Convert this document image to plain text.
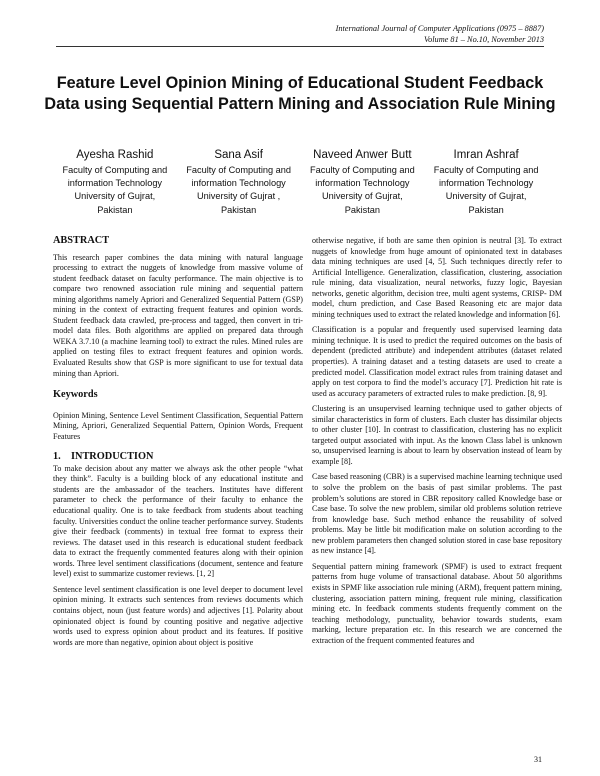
International Journal of Computer Applications (0975 – 8887)
Volume 81 – No.10, November 2013
Feature Level Opinion Mining of Educational Student Feedback Data using Sequential Pattern Mining and Association Rule Mining
Ayesha Rashid
Faculty of Computing and information Technology
University of Gujrat,
Pakistan
Sana Asif
Faculty of Computing and information Technology
University of Gujrat ,
Pakistan
Naveed Anwer Butt
Faculty of Computing and information Technology
University of Gujrat,
Pakistan
Imran Ashraf
Faculty of Computing and information Technology
University of Gujrat,
Pakistan
ABSTRACT

This research paper combines the data mining with natural language processing to extract the nuggets of knowledge from massive volume of student feedback dataset on faculty performance. The main objective is to compare two renowned association rule mining and sequential pattern mining algorithms namely Apriori and Generalized Sequential Pattern (GSP) mining in the context of extracting frequent features and opinion words. Student feedback data crawled, pre-process and tagged, then convert in tri-model data files. Both algorithms are applied on prepared data through WEKA 3.7.10 (a machine learning tool) to extract the rules. Mined rules are applied on testing files to extract frequent features and opinion words. Evaluated Results show that GSP is more significant to use for textual data mining than Apriori.

Keywords

Opinion Mining, Sentence Level Sentiment Classification, Sequential Pattern Mining, Apriori, Generalized Sequential Pattern, Opinion Words, Frequent Features

1. INTRODUCTION

To make decision about any matter we always ask the other people “what they think”. Faculty is a building block of any educational institute and students are the ambassador of the teachers. Institutes have different parameter to check the performance of their faculty to enhance the educational quality. One is to take feedback from students about teaching faculty. Universities conduct the online teacher performance survey. Students give their feedback (comments) in textual free format to express their reviews. The dataset used in this research is educational student feedback data to extract the frequently commented features along with their opinion words. Three level sentiment classifications (document, sentence and feature level) exist to summarize customer reviews. [1, 2]

Sentence level sentiment classification is one level deeper to document level opinion mining. It extracts such sentences from reviews documents which contains object, noun (just feature words) and adjectives [1]. Polarity about opinionated object is found by counting positive and negative adjective words used to express opinion about product and its features. If positive words are more than negative, opinion about object is positive

otherwise negative, if both are same then opinion is neutral [3]. To extract nuggets of knowledge from huge amount of opinionated text in databases data mining techniques are used [4, 5]. Such techniques directly refer to Artificial Intelligence. Generalization, classification, clustering, association rule mining, data visualization, neural networks, fuzzy logic, Bayesian networks, genetic algorithm, decision tree, multi agent systems, CRISP- DM model, churn prediction, and Case Based Reasoning etc are major data mining techniques used to extract the related knowledge and information [6].

Classification is a popular and frequently used supervised learning data mining technique. It is used to predict the required outcomes on the basis of dependent (predicted attribute) and independent attributes (dataset related properties). A training dataset and a testing datasets are used to create a predicted model. Classification model extract rules from training dataset and apply on test corpora to find the model’s accuracy [7]. Prediction hit rate is used as accuracy parameters of extracted rules to make prediction. [8, 9].

Clustering is an unsupervised learning technique used to gather objects of similar characteristics in form of clusters. Each cluster has dissimilar objects to other cluster [10]. In contrast to classification, clustering has no explicit targeted output associated with input. As the known Class label is unknown so, unsupervised learning is about to learn by observation instead of learn by example [8].

Case based reasoning (CBR) is a supervised machine learning technique used to solve the problem on the basis of past similar problems. The past problem’s solutions are stored in CBR repository called Knowledge base or Case base. To solve the new problem, similar old problems solution retrieve from knowledge base. Such method enhance the reusability of solved problems. May be little bit modification make on solution according to the new problem parameters then changed solution stored in case base repository as new instance [4].

Sequential pattern mining framework (SPMF) is used to extract frequent patterns from huge volume of transactional database. About 50 algorithms exists in SPMF like association rule mining (ARM), frequent pattern mining, clustering, association pattern mining, frequent rule mining, classification mining etc. In feedback comments students frequently comment on the teaching methodology, punctuality, behavior towards students, exam marking, lecture preparation etc. In this research we are concerned the extraction of the frequent commented features and

31
